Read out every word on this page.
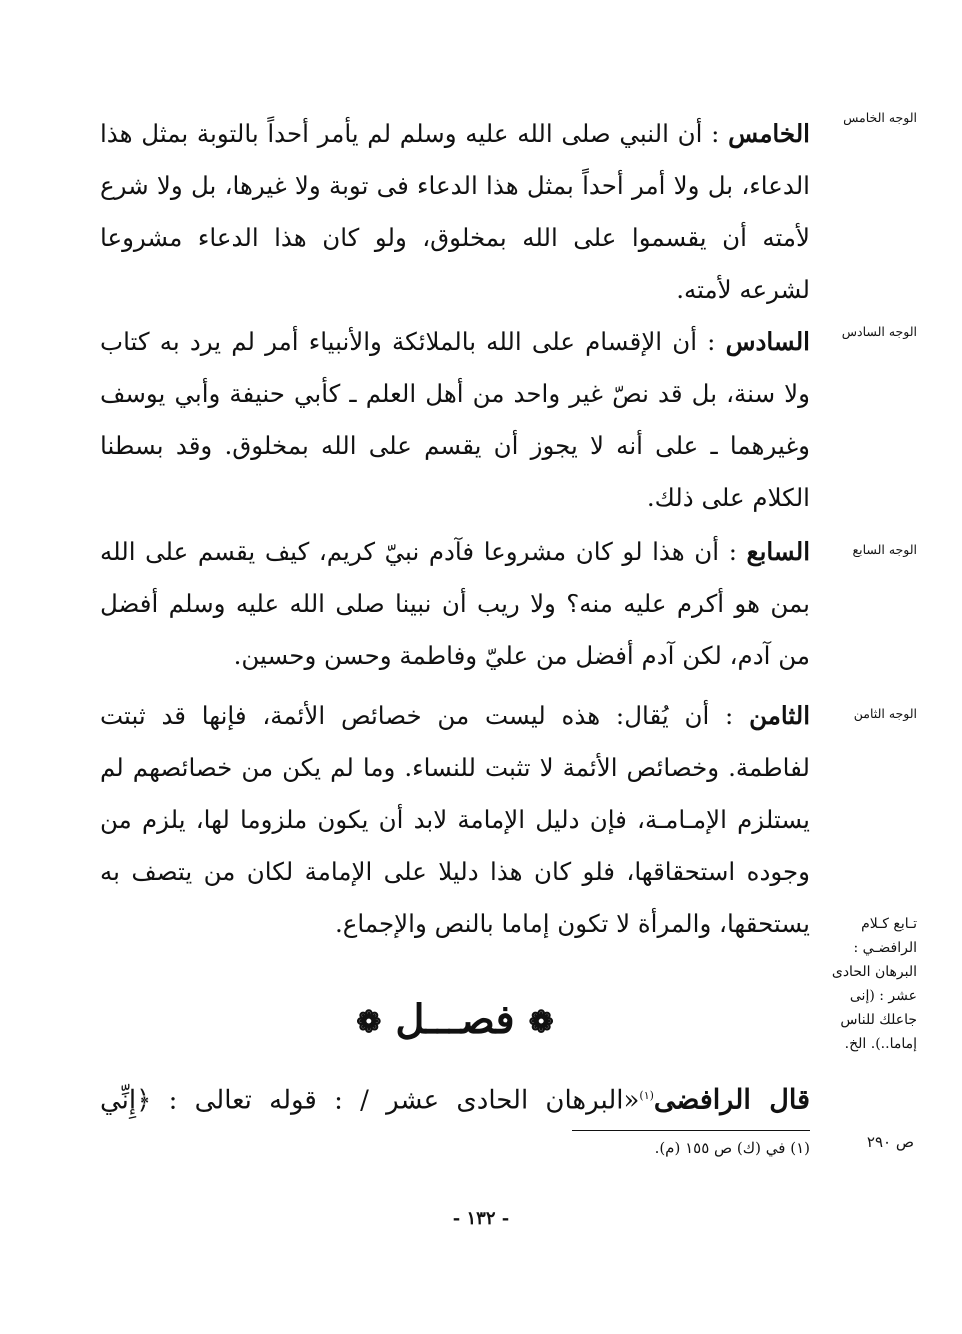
الوجه الخامس
الخامس : أن النبي صلى الله عليه وسلم لم يأمر أحداً بالتوبة بمثل هذا الدعاء، بل ولا أمر أحداً بمثل هذا الدعاء فى توبة ولا غيرها، بل ولا شرع لأمته أن يقسموا على الله بمخلوق، ولو كان هذا الدعاء مشروعا لشرعه لأمته.
الوجه السادس
السادس : أن الإقسام على الله بالملائكة والأنبياء أمر لم يرد به كتاب ولا سنة، بل قد نصّ غير واحد من أهل العلم ـ كأبي حنيفة وأبي يوسف وغيرهما ـ على أنه لا يجوز أن يقسم على الله بمخلوق. وقد بسطنا الكلام على ذلك.
الوجه السابع
السابع : أن هذا لو كان مشروعا فآدم نبيّ كريم، كيف يقسم على الله بمن هو أكرم عليه منه؟ ولا ريب أن نبينا صلى الله عليه وسلم أفضل من آدم، لكن آدم أفضل من عليّ وفاطمة وحسن وحسين.
الوجه الثامن
الثامن : أن يُقال: هذه ليست من خصائص الأئمة، فإنها قد ثبتت لفاطمة. وخصائص الأئمة لا تثبت للنساء. وما لم يكن من خصائصهم لم يستلزم الإمـامـة، فإن دليل الإمامة لابد أن يكون ملزوما لها، يلزم من وجوده استحقاقها، فلو كان هذا دليلا على الإمامة لكان من يتصف به يستحقها، والمرأة لا تكون إماما بالنص والإجماع.	تـابع كـلام الرافضـي : البرهان الحادى عشر : (إنى جاعلك للناس إماما..). الخ.
❁ فصـــل ❁
قال الرافضى$^{(١)}$«البرهان الحادى عشر / : قوله تعالى : ﴿إِنِّي
(١) في (ك) ص ١٥٥ (م).	ص ٢٩٠
- ١٣٢ -
